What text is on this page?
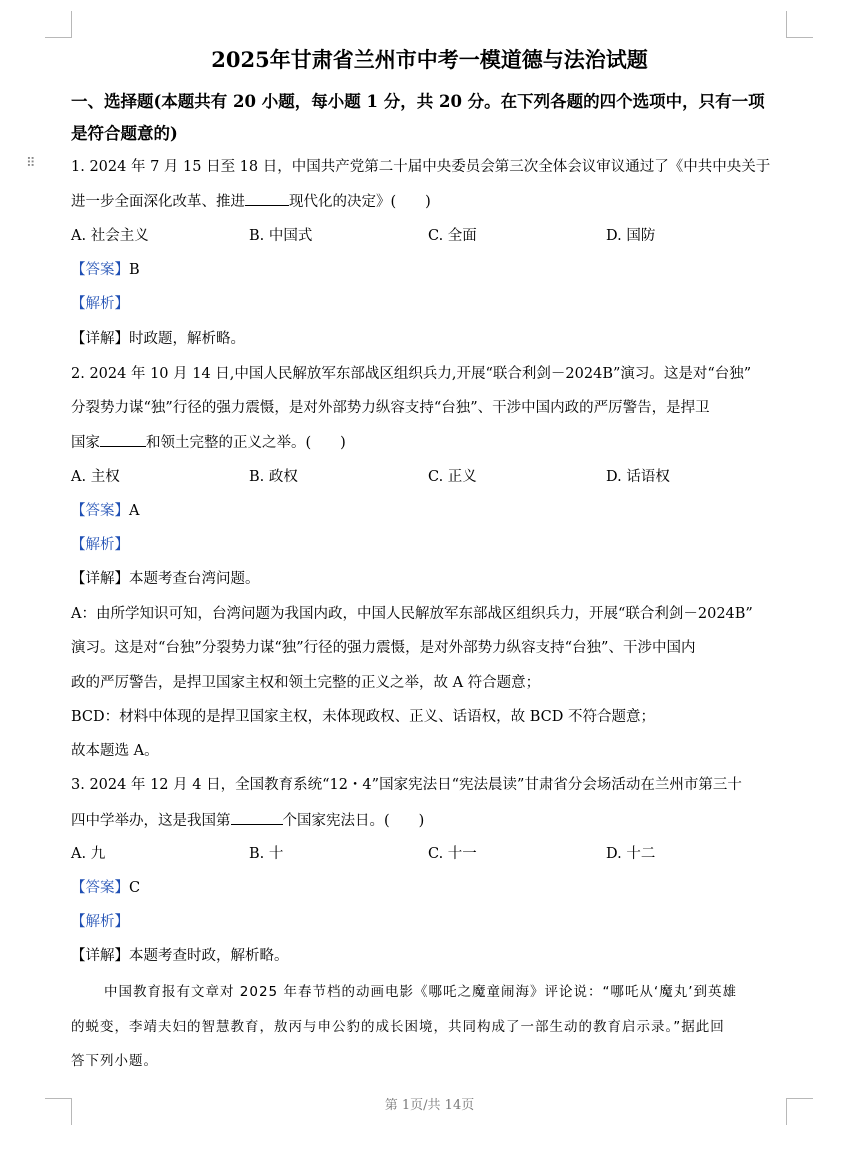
⠿
2025年甘肃省兰州市中考一模道德与法治试题
一、选择题(本题共有 20 小题，每小题 1 分，共 20 分。在下列各题的四个选项中，只有一项
是符合题意的)
1. 2024 年 7 月 15 日至 18 日，中国共产党第二十届中央委员会第三次全体会议审议通过了《中共中央关于
进一步全面深化改革、推进	现代化的决定》(　　)
A. 社会主义	B. 中国式	C. 全面	D. 国防
【答案】B
【解析】
【详解】时政题，解析略。
2. 2024 年 10 月 14 日,中国人民解放军东部战区组织兵力,开展“联合利剑－2024B”演习。这是对“台独”
分裂势力谋“独”行径的强力震慑，是对外部势力纵容支持“台独”、干涉中国内政的严厉警告，是捍卫
国家	和领土完整的正义之举。(　　)
A. 主权	B. 政权	C. 正义	D. 话语权
【答案】A
【解析】
【详解】本题考查台湾问题。
A：由所学知识可知，台湾问题为我国内政，中国人民解放军东部战区组织兵力，开展“联合利剑－2024B”
演习。这是对“台独”分裂势力谋“独”行径的强力震慑，是对外部势力纵容支持“台独”、干涉中国内
政的严厉警告，是捍卫国家主权和领土完整的正义之举，故 A 符合题意；
BCD：材料中体现的是捍卫国家主权，未体现政权、正义、话语权，故 BCD 不符合题意；
故本题选 A。
3. 2024 年 12 月 4 日，全国教育系统“12・4”国家宪法日“宪法晨读”甘肃省分会场活动在兰州市第三十
四中学举办，这是我国第	个国家宪法日。(　　)
A. 九	B. 十	C. 十一	D. 十二
【答案】C
【解析】
【详解】本题考查时政，解析略。
中国教育报有文章对 2025 年春节档的动画电影《哪吒之魔童闹海》评论说：“哪吒从‘魔丸’到英雄
的蜕变，李靖夫妇的智慧教育，敖丙与申公豹的成长困境，共同构成了一部生动的教育启示录。”据此回
答下列小题。
第 1页/共 14页
